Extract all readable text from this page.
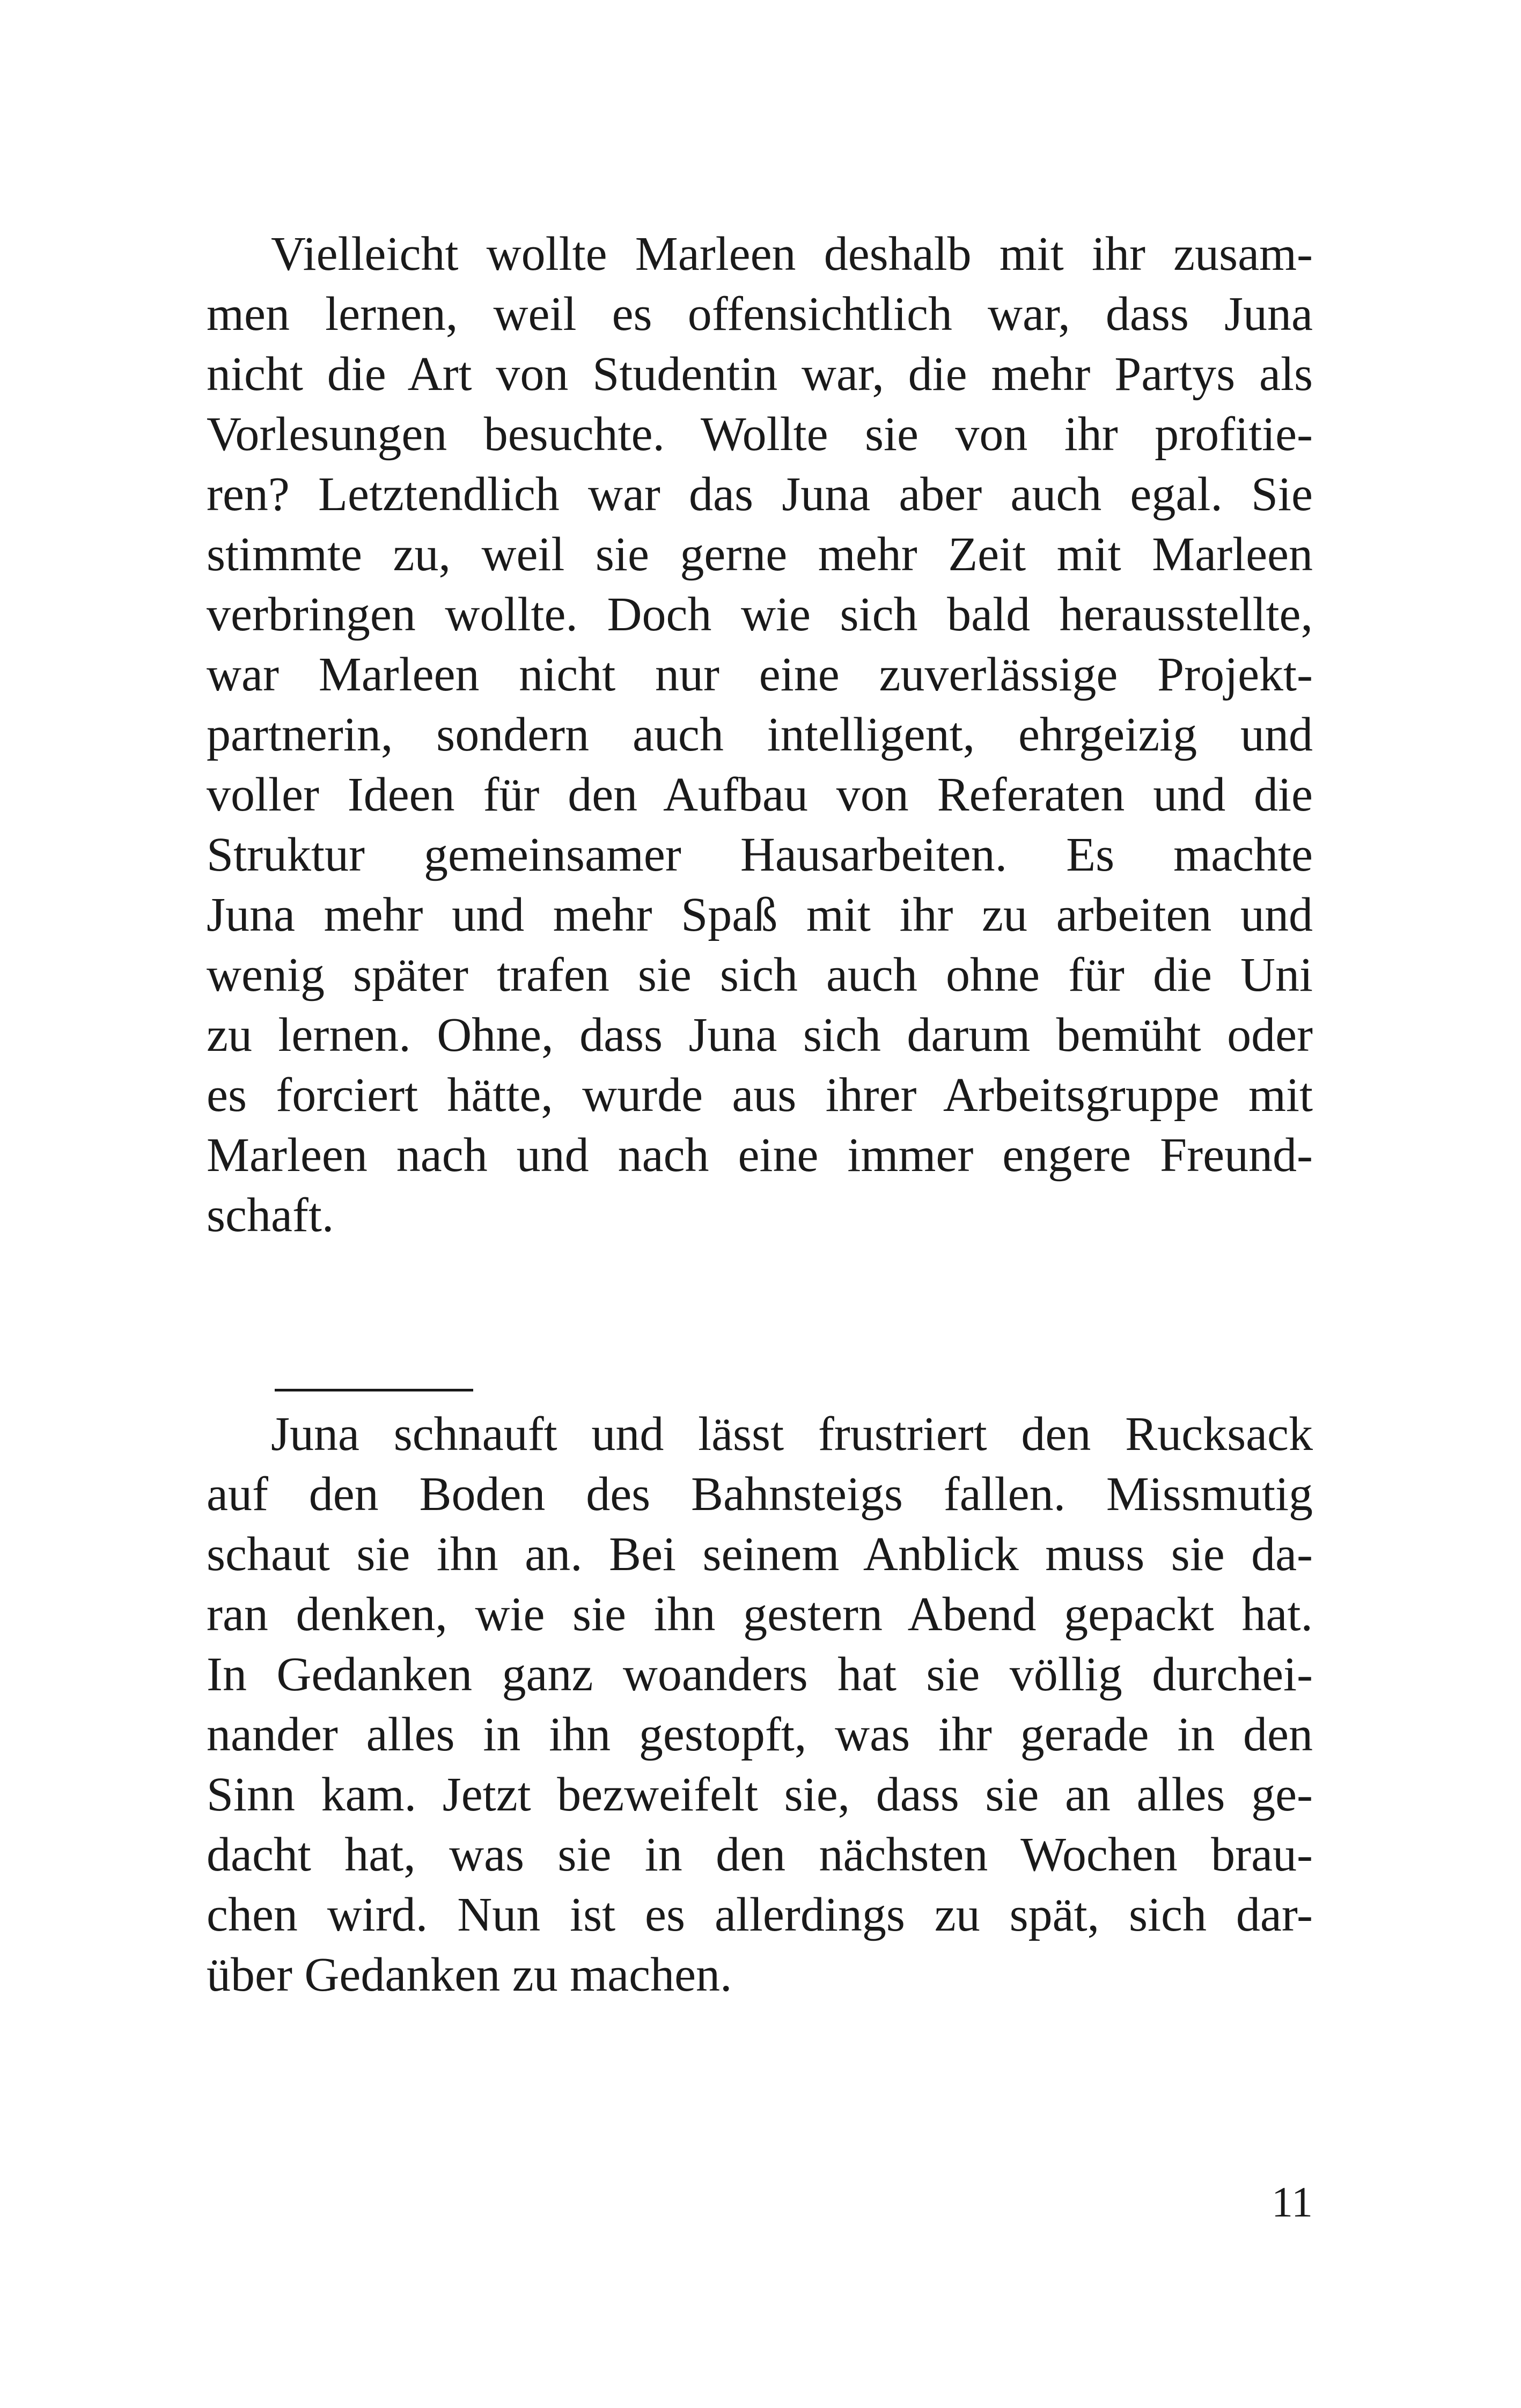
Vielleicht wollte Marleen deshalb mit ihr zusam-
men lernen, weil es offensichtlich war, dass Juna
nicht die Art von Studentin war, die mehr Partys als
Vorlesungen besuchte. Wollte sie von ihr profitie-
ren? Letztendlich war das Juna aber auch egal. Sie
stimmte zu, weil sie gerne mehr Zeit mit Marleen
verbringen wollte. Doch wie sich bald herausstellte,
war Marleen nicht nur eine zuverlässige Projekt-
partnerin, sondern auch intelligent, ehrgeizig und
voller Ideen für den Aufbau von Referaten und die
Struktur gemeinsamer Hausarbeiten. Es machte
Juna mehr und mehr Spaß mit ihr zu arbeiten und
wenig später trafen sie sich auch ohne für die Uni
zu lernen. Ohne, dass Juna sich darum bemüht oder
es forciert hätte, wurde aus ihrer Arbeitsgruppe mit
Marleen nach und nach eine immer engere Freund-
schaft.
Juna schnauft und lässt frustriert den Rucksack
auf den Boden des Bahnsteigs fallen. Missmutig
schaut sie ihn an. Bei seinem Anblick muss sie da-
ran denken, wie sie ihn gestern Abend gepackt hat.
In Gedanken ganz woanders hat sie völlig durchei-
nander alles in ihn gestopft, was ihr gerade in den
Sinn kam. Jetzt bezweifelt sie, dass sie an alles ge-
dacht hat, was sie in den nächsten Wochen brau-
chen wird. Nun ist es allerdings zu spät, sich dar-
über Gedanken zu machen.
11
